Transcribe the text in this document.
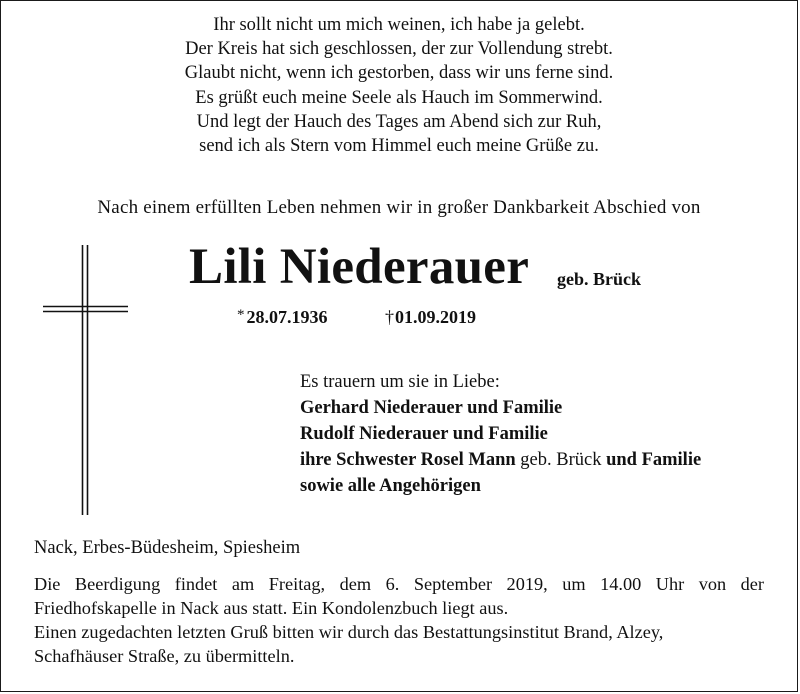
Ihr sollt nicht um mich weinen, ich habe ja gelebt.
Der Kreis hat sich geschlossen, der zur Vollendung strebt.
Glaubt nicht, wenn ich gestorben, dass wir uns ferne sind.
Es grüßt euch meine Seele als Hauch im Sommerwind.
Und legt der Hauch des Tages am Abend sich zur Ruh,
send ich als Stern vom Himmel euch meine Grüße zu.
Nach einem erfüllten Leben nehmen wir in großer Dankbarkeit Abschied von
Lili Niederauer geb. Brück
* 28.07.1936	†01.09.2019
Es trauern um sie in Liebe:
Gerhard Niederauer und Familie
Rudolf Niederauer und Familie
ihre Schwester Rosel Mann geb. Brück und Familie
sowie alle Angehörigen
Nack, Erbes-Büdesheim, Spiesheim
Die Beerdigung findet am Freitag, dem 6. September 2019, um 14.00 Uhr von der
Friedhofskapelle in Nack aus statt. Ein Kondolenzbuch liegt aus.
Einen zugedachten letzten Gruß bitten wir durch das Bestattungsinstitut Brand, Alzey,
Schafhäuser Straße, zu übermitteln.
